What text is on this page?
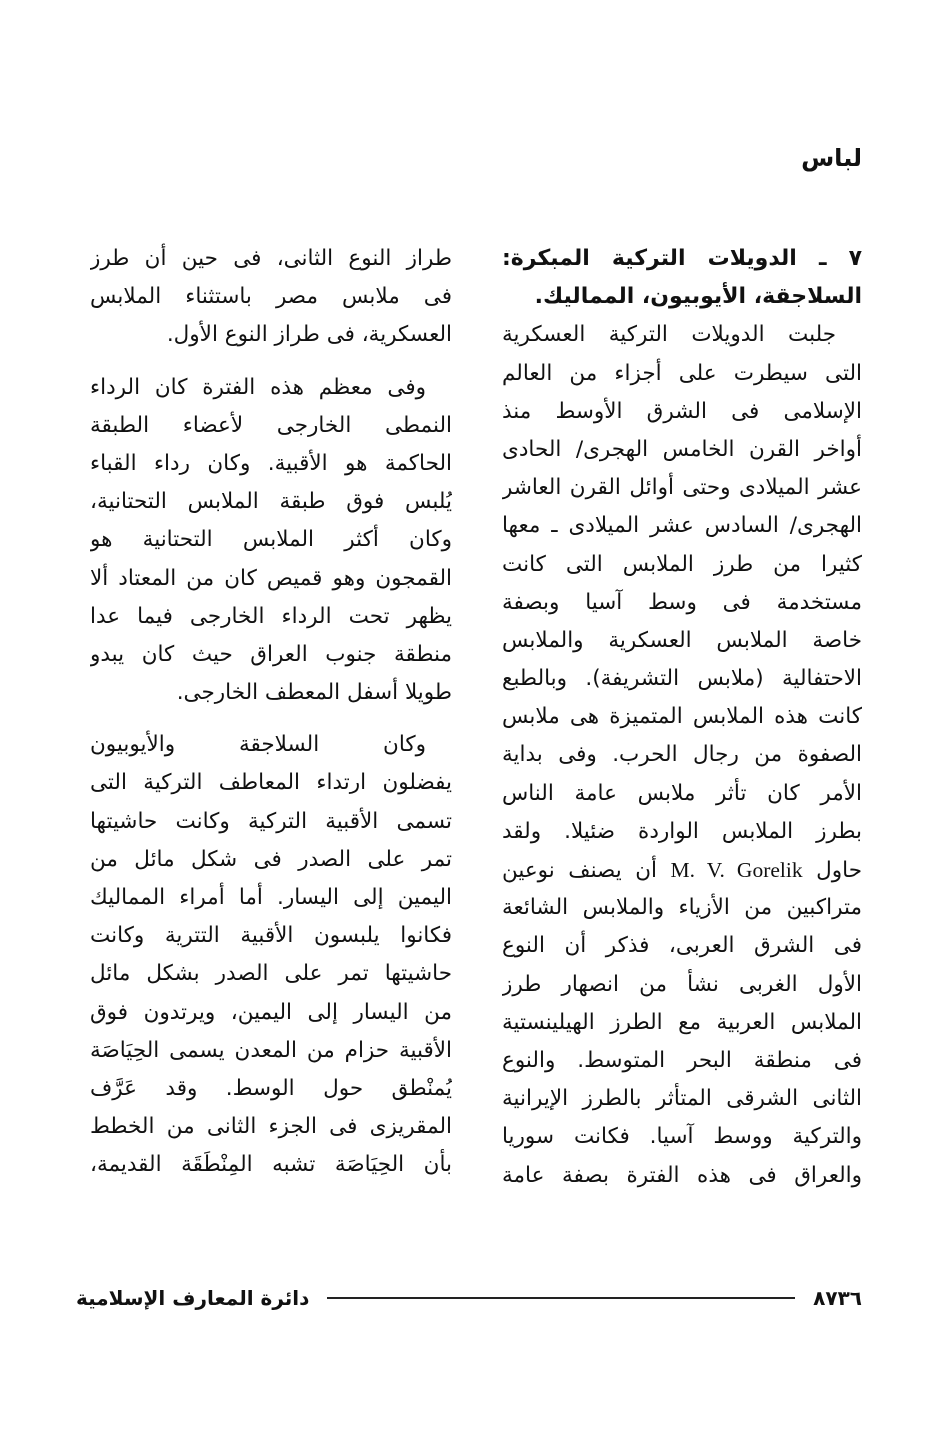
لباس
٧ ـ الدويلات التركية المبكرة:
السلاجقة، الأيوبيون، المماليك.
جلبت الدويلات التركية العسكرية
التى سيطرت على أجزاء من العالم
الإسلامى فى الشرق الأوسط منذ
أواخر القرن الخامس الهجرى/ الحادى
عشر الميلادى وحتى أوائل القرن العاشر
الهجرى/ السادس عشر الميلادى ـ معها
كثيرا من طرز الملابس التى كانت
مستخدمة فى وسط آسيا وبصفة
خاصة الملابس العسكرية والملابس
الاحتفالية (ملابس التشريفة). وبالطبع
كانت هذه الملابس المتميزة هى ملابس
الصفوة من رجال الحرب. وفى بداية
الأمر كان تأثر ملابس عامة الناس
بطرز الملابس الواردة ضئيلا. ولقد
حاول M. V. Gorelik أن يصنف نوعين
متراكبين من الأزياء والملابس الشائعة
فى الشرق العربى، فذكر أن النوع
الأول الغربى نشأ من انصهار طرز
الملابس العربية مع الطرز الهيلينستية
فى منطقة البحر المتوسط. والنوع
الثانى الشرقى المتأثر بالطرز الإيرانية
والتركية ووسط آسيا. فكانت سوريا
والعراق فى هذه الفترة بصفة عامة
طراز النوع الثانى، فى حين أن طرز
فى ملابس مصر باستثناء الملابس
العسكرية، فى طراز النوع الأول.
وفى معظم هذه الفترة كان الرداء
النمطى الخارجى لأعضاء الطبقة
الحاكمة هو الأقبية. وكان رداء القباء
يُلبس فوق طبقة الملابس التحتانية،
وكان أكثر الملابس التحتانية هو
القمجون وهو قميص كان من المعتاد ألا
يظهر تحت الرداء الخارجى فيما عدا
منطقة جنوب العراق حيث كان يبدو
طويلا أسفل المعطف الخارجى.
وكان السلاجقة والأيوبيون
يفضلون ارتداء المعاطف التركية التى
تسمى الأقبية التركية وكانت حاشيتها
تمر على الصدر فى شكل مائل من
اليمين إلى اليسار. أما أمراء المماليك
فكانوا يلبسون الأقبية التترية وكانت
حاشيتها تمر على الصدر بشكل مائل
من اليسار إلى اليمين، ويرتدون فوق
الأقبية حزام من المعدن يسمى الحِيَاصَة
يُمنْطق حول الوسط. وقد عَرَّف
المقريزى فى الجزء الثانى من الخطط
بأن الحِيَاصَة تشبه المِنْطَقَة القديمة،
٨٧٣٦
دائرة المعارف الإسلامية
